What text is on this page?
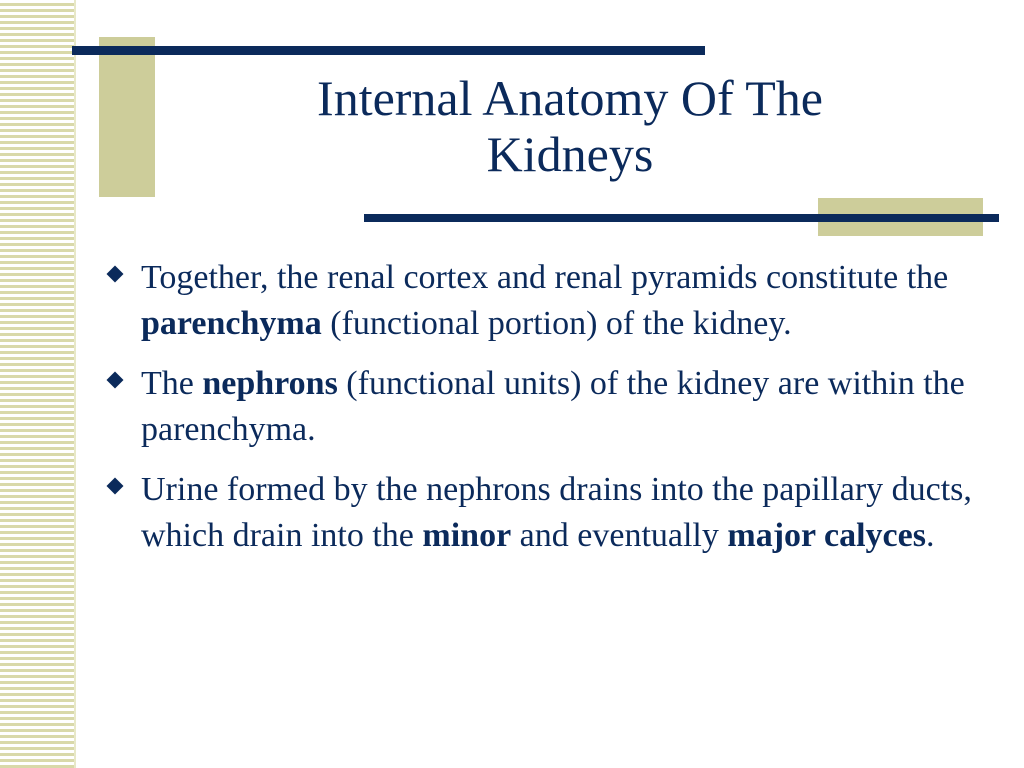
Internal Anatomy Of The
Kidneys
Together, the renal cortex and renal pyramids constitute the parenchyma (functional portion) of the kidney.
The nephrons (functional units) of the kidney are within the parenchyma.
Urine formed by the nephrons drains into the papillary ducts, which drain into the minor and eventually major calyces.
